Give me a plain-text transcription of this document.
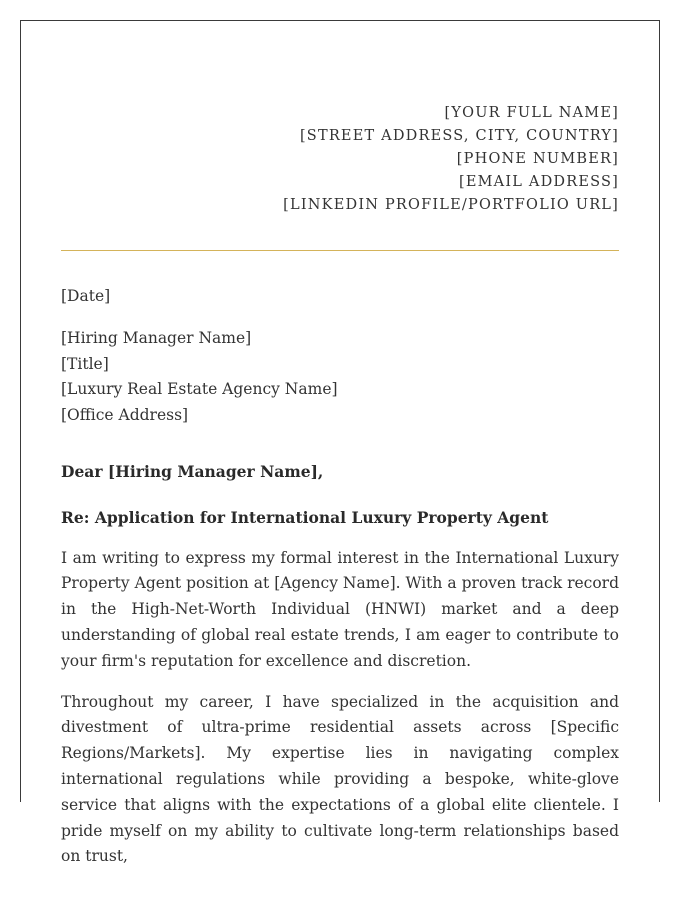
[YOUR FULL NAME]
[STREET ADDRESS, CITY, COUNTRY]
[PHONE NUMBER]
[EMAIL ADDRESS]
[LINKEDIN PROFILE/PORTFOLIO URL]
[Date]
[Hiring Manager Name]
[Title]
[Luxury Real Estate Agency Name]
[Office Address]
Dear [Hiring Manager Name],
Re: Application for International Luxury Property Agent

I am writing to express my formal interest in the International Luxury Property Agent position at [Agency Name]. With a proven track record in the High-Net-Worth Individual (HNWI) market and a deep understanding of global real estate trends, I am eager to contribute to your firm's reputation for excellence and discretion.

Throughout my career, I have specialized in the acquisition and divestment of ultra-prime residential assets across [Specific Regions/Markets]. My expertise lies in navigating complex international regulations while providing a bespoke, white-glove service that aligns with the expectations of a global elite clientele. I pride myself on my ability to cultivate long-term relationships based on trust,
